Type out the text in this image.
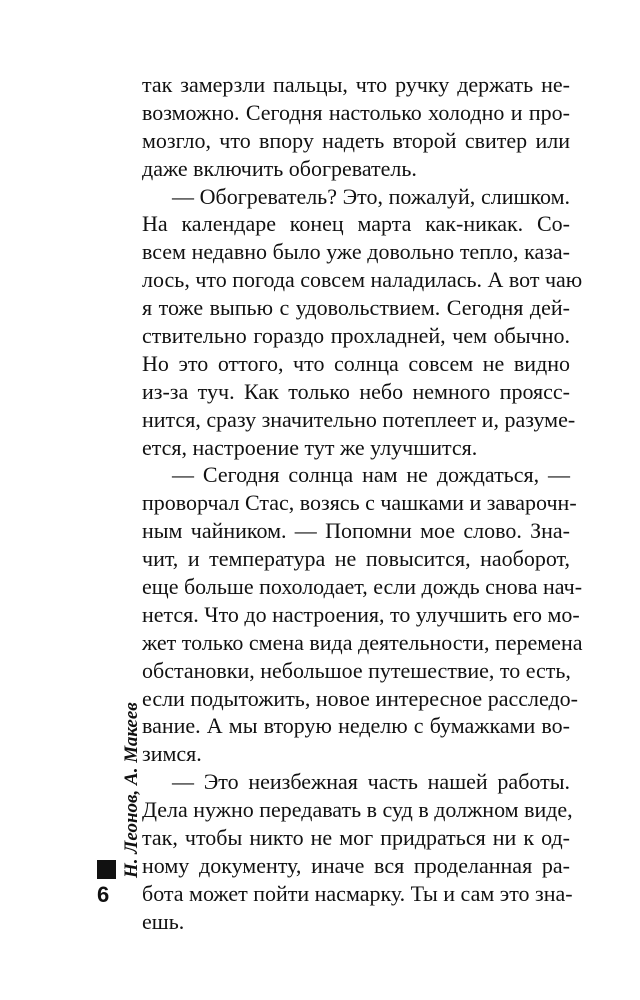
так замерзли пальцы, что ручку держать не-
возможно. Сегодня настолько холодно и про-
мозгло, что впору надеть второй свитер или
даже включить обогреватель.
— Обогреватель? Это, пожалуй, слишком.
На календаре конец марта как-никак. Со-
всем недавно было уже довольно тепло, каза-
лось, что погода совсем наладилась. А вот чаю
я тоже выпью с удовольствием. Сегодня дей-
ствительно гораздо прохладней, чем обычно.
Но это оттого, что солнца совсем не видно
из-за туч. Как только небо немного проясс-
нится, сразу значительно потеплеет и, разуме-
ется, настроение тут же улучшится.
— Сегодня солнца нам не дождаться, —
проворчал Стас, возясь с чашками и заварочн-
ным чайником. — Попомни мое слово. Зна-
чит, и температура не повысится, наоборот,
еще больше похолодает, если дождь снова нач-
нется. Что до настроения, то улучшить его мо-
жет только смена вида деятельности, перемена
обстановки, небольшое путешествие, то есть,
если подытожить, новое интересное расследо-
вание. А мы вторую неделю с бумажками во-
зимся.
— Это неизбежная часть нашей работы.
Дела нужно передавать в суд в должном виде,
так, чтобы никто не мог придраться ни к од-
ному документу, иначе вся проделанная ра-
бота может пойти насмарку. Ты и сам это зна-
ешь.
Н. Леонов, А. Макеев
6
